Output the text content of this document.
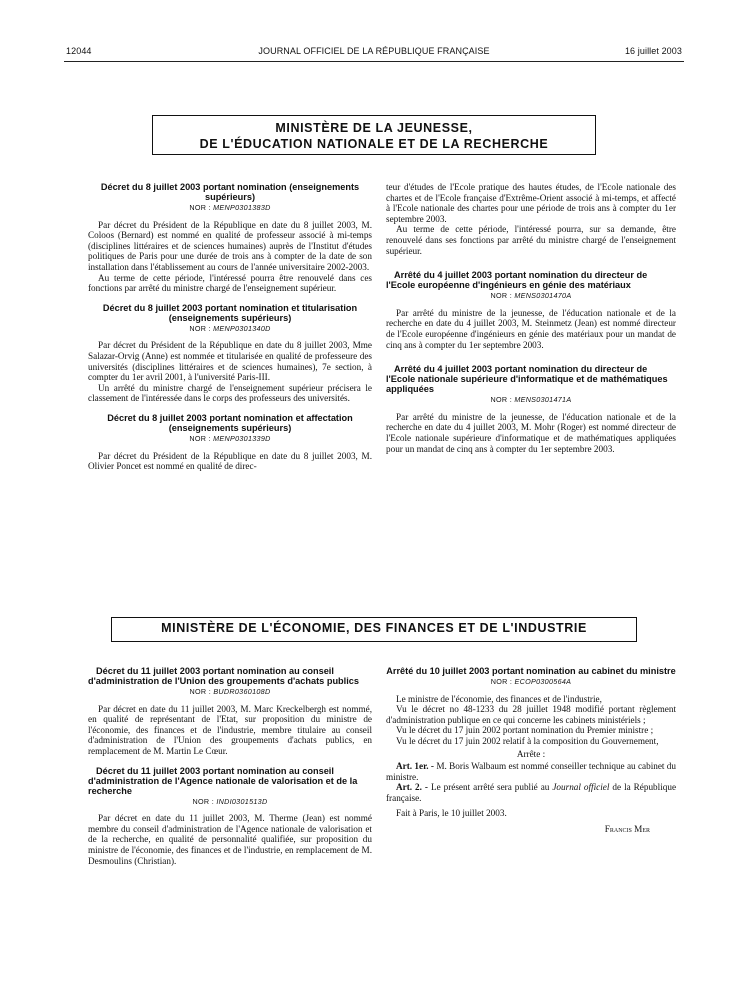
12044	JOURNAL OFFICIEL DE LA RÉPUBLIQUE FRANÇAISE	16 juillet 2003
MINISTÈRE DE LA JEUNESSE,
DE L'ÉDUCATION NATIONALE ET DE LA RECHERCHE
Décret du 8 juillet 2003 portant nomination (enseignements supérieurs)
NOR : MENP0301383D

Par décret du Président de la République en date du 8 juillet 2003, M. Coloos (Bernard) est nommé en qualité de professeur associé à mi-temps (disciplines littéraires et de sciences humaines) auprès de l'Institut d'études politiques de Paris pour une durée de trois ans à compter de la date de son installation dans l'établissement au cours de l'année universitaire 2002-2003.

Au terme de cette période, l'intéressé pourra être renouvelé dans ces fonctions par arrêté du ministre chargé de l'enseignement supérieur.

Décret du 8 juillet 2003 portant nomination et titularisation (enseignements supérieurs)
NOR : MENP0301340D

Par décret du Président de la République en date du 8 juillet 2003, Mme Salazar-Orvig (Anne) est nommée et titularisée en qualité de professeure des universités (disciplines littéraires et de sciences humaines), 7e section, à compter du 1er avril 2001, à l'université Paris-III.

Un arrêté du ministre chargé de l'enseignement supérieur précisera le classement de l'intéressée dans le corps des professeurs des universités.

Décret du 8 juillet 2003 portant nomination et affectation (enseignements supérieurs)
NOR : MENP0301339D

Par décret du Président de la République en date du 8 juillet 2003, M. Olivier Poncet est nommé en qualité de direc-

teur d'études de l'Ecole pratique des hautes études, de l'Ecole nationale des chartes et de l'Ecole française d'Extrême-Orient associé à mi-temps, et affecté à l'Ecole nationale des chartes pour une période de trois ans à compter du 1er septembre 2003.

Au terme de cette période, l'intéressé pourra, sur sa demande, être renouvelé dans ses fonctions par arrêté du ministre chargé de l'enseignement supérieur.

Arrêté du 4 juillet 2003 portant nomination du directeur de l'Ecole européenne d'ingénieurs en génie des matériaux
NOR : MENS0301470A

Par arrêté du ministre de la jeunesse, de l'éducation nationale et de la recherche en date du 4 juillet 2003, M. Steinmetz (Jean) est nommé directeur de l'Ecole européenne d'ingénieurs en génie des matériaux pour un mandat de cinq ans à compter du 1er septembre 2003.

Arrêté du 4 juillet 2003 portant nomination du directeur de l'Ecole nationale supérieure d'informatique et de mathématiques appliquées
NOR : MENS0301471A

Par arrêté du ministre de la jeunesse, de l'éducation nationale et de la recherche en date du 4 juillet 2003, M. Mohr (Roger) est nommé directeur de l'Ecole nationale supérieure d'informatique et de mathématiques appliquées pour un mandat de cinq ans à compter du 1er septembre 2003.

MINISTÈRE DE L'ÉCONOMIE, DES FINANCES ET DE L'INDUSTRIE
Décret du 11 juillet 2003 portant nomination au conseil d'administration de l'Union des groupements d'achats publics
NOR : BUDR0360108D

Par décret en date du 11 juillet 2003, M. Marc Kreckelbergh est nommé, en qualité de représentant de l'Etat, sur proposition du ministre de l'économie, des finances et de l'industrie, membre titulaire au conseil d'administration de l'Union des groupements d'achats publics, en remplacement de M. Martin Le Cœur.

Décret du 11 juillet 2003 portant nomination au conseil d'administration de l'Agence nationale de valorisation et de la recherche
NOR : INDI0301513D

Par décret en date du 11 juillet 2003, M. Therme (Jean) est nommé membre du conseil d'administration de l'Agence nationale de valorisation et de la recherche, en qualité de personnalité qualifiée, sur proposition du ministre de l'économie, des finances et de l'industrie, en remplacement de M. Desmoulins (Christian).

Arrêté du 10 juillet 2003 portant nomination au cabinet du ministre
NOR : ECOP0300564A

Le ministre de l'économie, des finances et de l'industrie,

Vu le décret no 48-1233 du 28 juillet 1948 modifié portant règlement d'administration publique en ce qui concerne les cabinets ministériels ;

Vu le décret du 17 juin 2002 portant nomination du Premier ministre ;

Vu le décret du 17 juin 2002 relatif à la composition du Gouvernement,

Arrête :

Art. 1er. - M. Boris Walbaum est nommé conseiller technique au cabinet du ministre.

Art. 2. - Le présent arrêté sera publié au Journal officiel de la République française.

Fait à Paris, le 10 juillet 2003.

Francis Mer
